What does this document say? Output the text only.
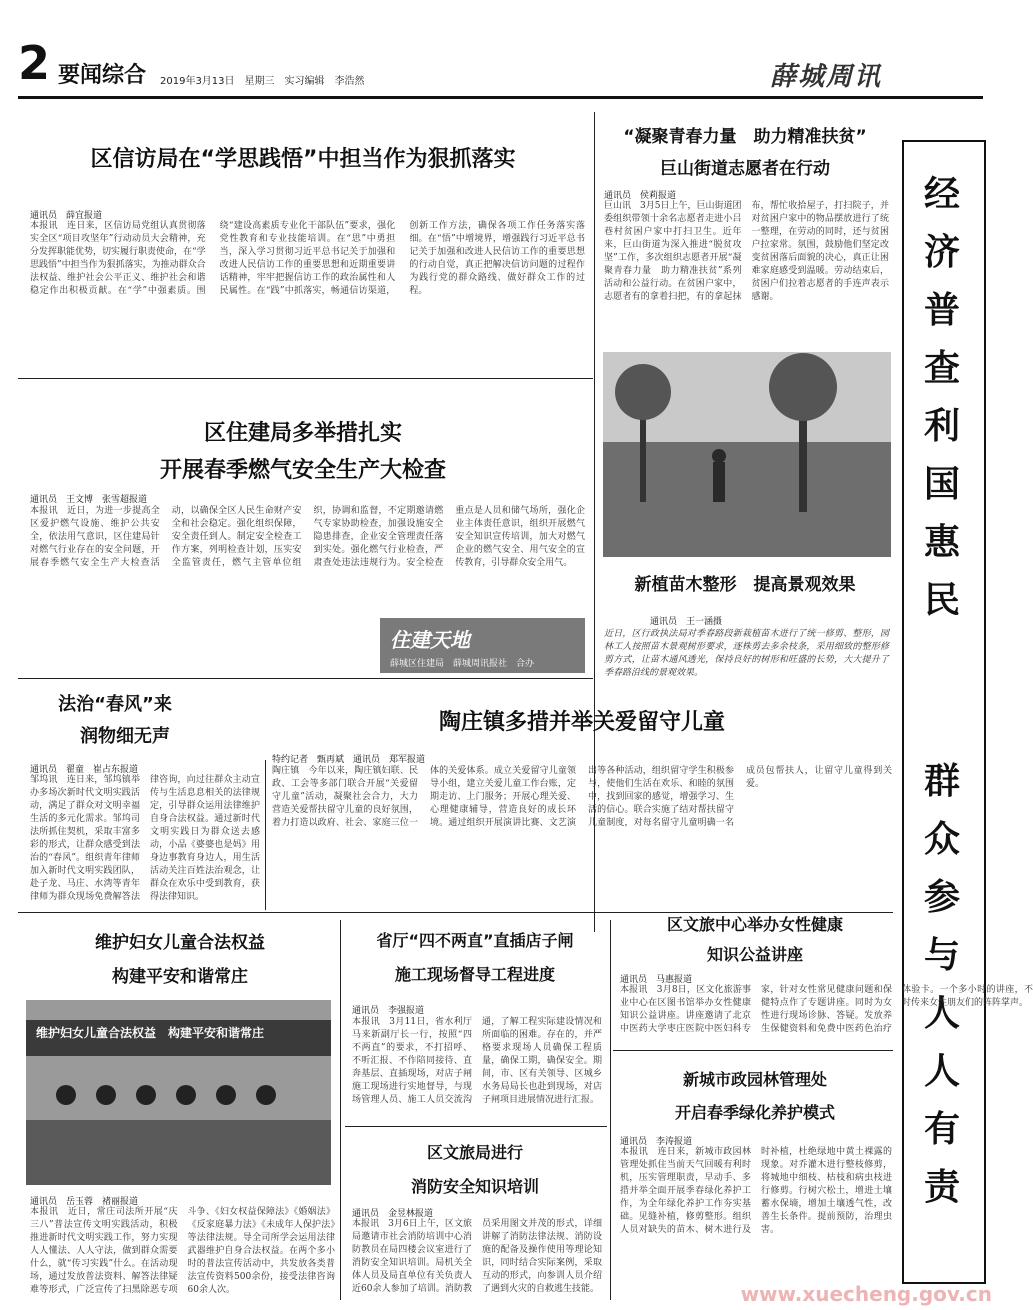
2 要闻综合 2019年3月13日　星期三　实习编辑　李浩然	薛城周讯
经
济
普
查
利
国
惠
民
群
众
参
与
人
人
有
责
区信访局在“学思践悟”中担当作为狠抓落实
通讯员　薛宜报道
本报讯　连日来，区信访局党组认真贯彻落实全区“项目攻坚年”行动动员大会精神，充分发挥职能优势，切实履行职责使命，在“学思践悟”中担当作为狠抓落实，为推动群众合法权益、维护社会公平正义、维护社会和谐稳定作出积极贡献。在“学”中强素质。围绕“建设高素质专业化干部队伍”要求，强化党性教育和专业技能培训。在“思”中勇担当，深入学习贯彻习近平总书记关于加强和改进人民信访工作的重要思想和近期重要讲话精神，牢牢把握信访工作的政治属性和人民属性。在“践”中抓落实，畅通信访渠道，创新工作方法，确保各项工作任务落实落细。在“悟”中增境界，增强践行习近平总书记关于加强和改进人民信访工作的重要思想的行动自觉，真正把解决信访问题的过程作为践行党的群众路线、做好群众工作的过程。
“凝聚青春力量　助力精准扶贫”
巨山街道志愿者在行动
通讯员　侯莉报道
巨山讯　3月5日上午，巨山街道团委组织带领十余名志愿者走进小吕巷村贫困户家中打扫卫生。近年来，巨山街道为深入推进“脱贫攻坚”工作，多次组织志愿者开展“凝聚青春力量　助力精准扶贫”系列活动和公益行动。在贫困户家中，志愿者有的拿着扫把，有的拿起抹布，帮忙收拾屋子，打扫院子，并对贫困户家中的物品摆放进行了统一整理，在劳动的同时，还与贫困户拉家常。氛围，鼓励他们坚定改变贫困落后面貌的决心，真正让困难家庭感受到温暖。劳动结束后，贫困户们拉着志愿者的手连声表示感谢。
新植苗木整形　提高景观效果
通讯员　王一涵摄
近日，区行政执法局对季春路段新栽植苗木进行了统一修剪、整形，园林工人按照苗木景观树形要求，逐株剪去多余枝条，采用细致的整形修剪方式，让苗木通风透光，保持良好的树形和旺盛的长势，大大提升了季春路沿线的景观效果。
区住建局多举措扎实
开展春季燃气安全生产大检查
通讯员　王文博　张雪超报道
本报讯　近日，为进一步提高全区爱护燃气设施、维护公共安全，依法用气意识，区住建局针对燃气行业存在的安全问题，开展春季燃气安全生产大检查活动，以确保全区人民生命财产安全和社会稳定。强化组织保障，安全责任到人。制定安全检查工作方案，列明检查计划，压实安全监管责任，燃气主管单位组织，协调和监督，不定期邀请燃气专家协助检查，加强设施安全隐患排查，企业安全管理责任落到实处。强化燃气行业检查，严肃查处违法违规行为。安全检查重点是人员和储气场所，强化企业主体责任意识，组织开展燃气安全知识宣传培训，加大对燃气企业的燃气安全、用气安全的宣传教育，引导群众安全用气。
住建天地
薛城区住建局　薛城周讯报社　合办
法治“春风”来
润物细无声
通讯员　翟童　崔占东报道
邹坞讯　连日来，邹坞镇举办多场次新时代文明实践活动，满足了群众对文明幸福生活的多元化需求。邹坞司法所抓住契机，采取丰富多彩的形式，让群众感受到法治的“春风”。组织青年律师加入新时代文明实践团队，赴子龙、马庄、水湾等青年律师为群众现场免费解答法律咨询，向过往群众主动宣传与生活息息相关的法律规定，引导群众运用法律维护自身合法权益。通过新时代文明实践日为群众送去感动，小品《婆婆也是妈》用身边事教育身边人，用生活活动关注百姓法治观念，让群众在欢乐中受到教育，获得法律知识。
陶庄镇多措并举关爱留守儿童
特约记者　甄再斌　通讯员　郑军报道
陶庄镇　今年以来，陶庄镇妇联、民政、工会等多部门联合开展“关爱留守儿童”活动，凝聚社会合力，大力营造关爱帮扶留守儿童的良好氛围，着力打造以政府、社会、家庭三位一体的关爱体系。成立关爱留守儿童领导小组，建立关爱儿童工作台账，定期走访、上门服务；开展心理关爱、心理健康辅导，营造良好的成长环境。通过组织开展演讲比赛、文艺演出等各种活动，组织留守学生积极参与，使他们生活在欢乐、和睦的氛围中，找到回家的感觉，增强学习、生活的信心。联合实施了结对帮扶留守儿童制度，对每名留守儿童明确一名成员包帮扶人，让留守儿童得到关爱。
维护妇女儿童合法权益
构建平安和谐常庄
维护妇女儿童合法权益　构建平安和谐常庄
通讯员　岳玉蓉　褚丽报道
本报讯　近日，常庄司法所开展“庆三八”普法宣传文明实践活动，积极推进新时代文明实践工作，努力实现人人懂法、人人守法，做到群众需要什么，就“传习实践”什么。在活动现场，通过发放普法资料、解答法律疑难等形式，广泛宣传了扫黑除恶专项斗争、《妇女权益保障法》《婚姻法》《反家庭暴力法》《未成年人保护法》等法律法规。导全司所学会运用法律武器维护自身合法权益。在两个多小时的普法宣传活动中，共发放各类普法宣传资料500余份，接受法律咨询60余人次。
省厅“四不两直”直插店子闸
施工现场督导工程进度
通讯员　李强报道
本报讯　3月11日，省水利厅马来新副厅长一行，按照“四不两直”的要求，不打招呼、不听汇报、不作陪同接待、直奔基层、直插现场，对店子闸施工现场进行实地督导，与现场管理人员、施工人员交流沟通，了解工程实际建设情况和所面临的困难。存在的，并严格要求现场人员确保工程质量，确保工期，确保安全。期间，市、区有关领导、区城乡水务局局长也赴到现场，对店子闸项目进展情况进行汇报。
区文旅局进行
消防安全知识培训
通讯员　金昱林报道
本报讯　3月6日上午，区文旅局邀请市社会消防培训中心消防教员在局四楼会议室进行了消防安全知识培训。局机关全体人员及局直单位有关负责人近60余人参加了培训。消防教员采用图文并茂的形式，详细讲解了消防法律法规、消防设施的配备及操作使用等理论知识，同时结合实际案例，采取互动的形式，向参训人员介绍了遇到火灾的自救逃生技能。
区文旅中心举办女性健康
知识公益讲座
通讯员　马惠报道
本报讯　3月8日，区文化旅游事业中心在区图书馆举办女性健康知识公益讲座。讲座邀请了北京中医药大学枣庄医院中医妇科专家，针对女性常见健康问题和保健特点作了专题讲座。同时为女性进行现场诊脉、答疑。发放养生保健资料和免费中医药色治疗体验卡。一个多小时的讲座，不时传来女性朋友们的阵阵掌声。
新城市政园林管理处
开启春季绿化养护模式
通讯员　李涛报道
本报讯　连日来，新城市政园林管理处抓住当前天气回暖有利时机，压实管理职责，早动手、多措并举全面开展季春绿化养护工作，为全年绿化养护工作夯实基础。见缝补植，修剪整形。组织人员对缺失的苗木、树木进行及时补植，杜绝绿地中黄土裸露的现象。对乔灌木进行整枝修剪，将城地中细枝、枯枝和病虫枝进行修剪。行树穴松土，增进土壤蓄水保墒，增加土壤透气性，改善生长条件。提前预防，治理虫害。
www.xuecheng.gov.cn
